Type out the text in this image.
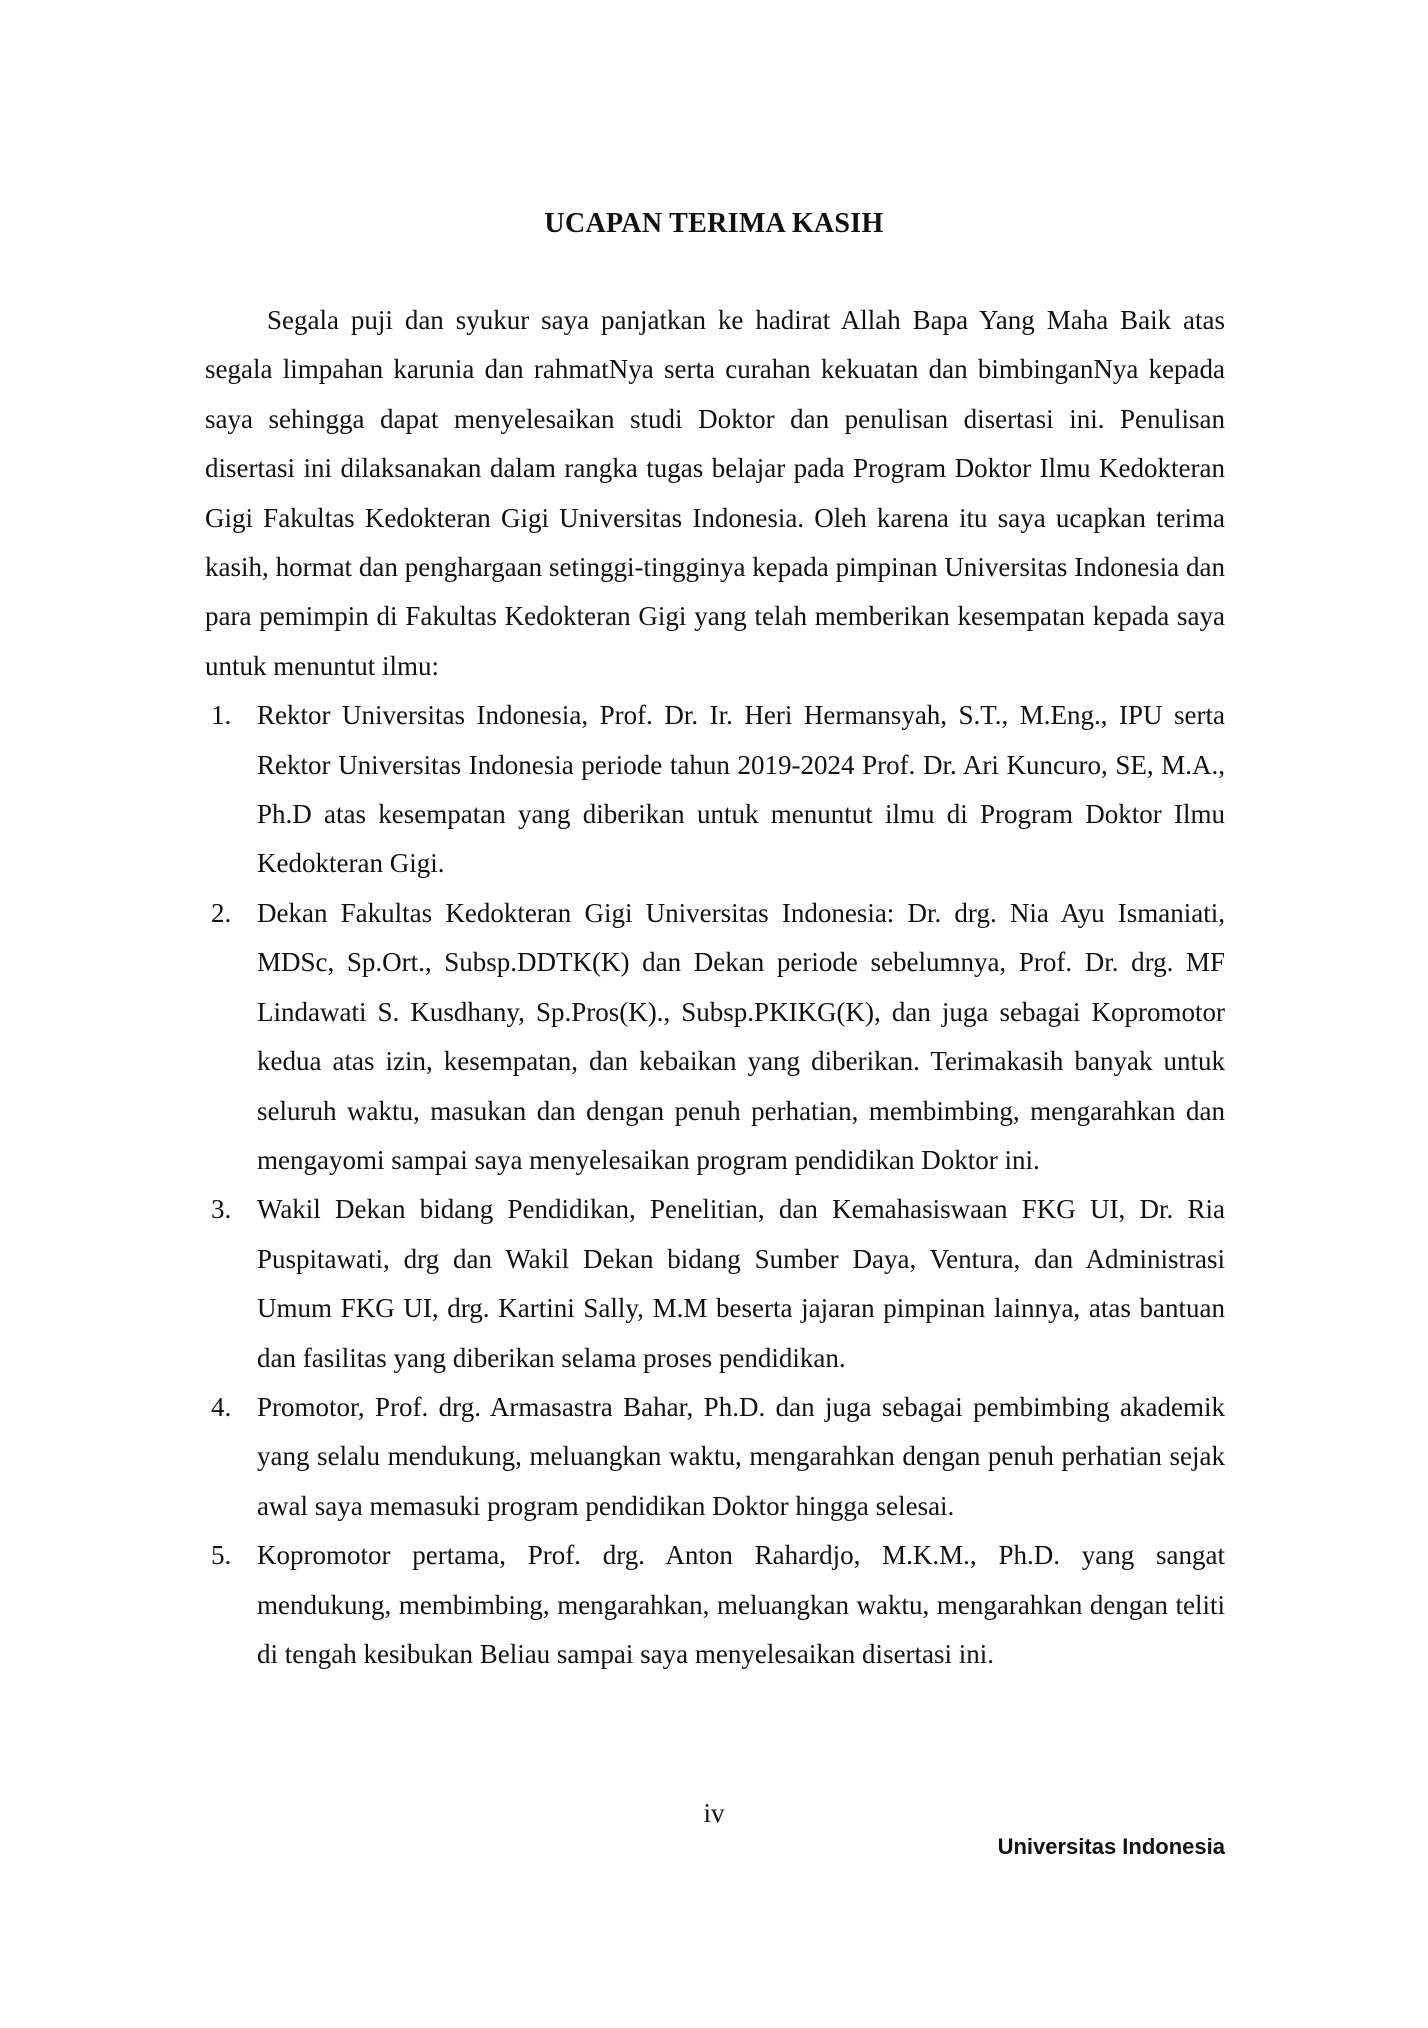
UCAPAN TERIMA KASIH

Segala puji dan syukur saya panjatkan ke hadirat Allah Bapa Yang Maha Baik atas segala limpahan karunia dan rahmatNya serta curahan kekuatan dan bimbinganNya kepada saya sehingga dapat menyelesaikan studi Doktor dan penulisan disertasi ini. Penulisan disertasi ini dilaksanakan dalam rangka tugas belajar pada Program Doktor Ilmu Kedokteran Gigi Fakultas Kedokteran Gigi Universitas Indonesia. Oleh karena itu saya ucapkan terima kasih, hormat dan penghargaan setinggi-tingginya kepada pimpinan Universitas Indonesia dan para pemimpin di Fakultas Kedokteran Gigi yang telah memberikan kesempatan kepada saya untuk menuntut ilmu:

1. Rektor Universitas Indonesia, Prof. Dr. Ir. Heri Hermansyah, S.T., M.Eng., IPU serta Rektor Universitas Indonesia periode tahun 2019-2024 Prof. Dr. Ari Kuncuro, SE, M.A., Ph.D atas kesempatan yang diberikan untuk menuntut ilmu di Program Doktor Ilmu Kedokteran Gigi.
2. Dekan Fakultas Kedokteran Gigi Universitas Indonesia: Dr. drg. Nia Ayu Ismaniati, MDSc, Sp.Ort., Subsp.DDTK(K) dan Dekan periode sebelumnya, Prof. Dr. drg. MF Lindawati S. Kusdhany, Sp.Pros(K)., Subsp.PKIKG(K), dan juga sebagai Kopromotor kedua atas izin, kesempatan, dan kebaikan yang diberikan. Terimakasih banyak untuk seluruh waktu, masukan dan dengan penuh perhatian, membimbing, mengarahkan dan mengayomi sampai saya menyelesaikan program pendidikan Doktor ini.
3. Wakil Dekan bidang Pendidikan, Penelitian, dan Kemahasiswaan FKG UI, Dr. Ria Puspitawati, drg dan Wakil Dekan bidang Sumber Daya, Ventura, dan Administrasi Umum FKG UI, drg. Kartini Sally, M.M beserta jajaran pimpinan lainnya, atas bantuan dan fasilitas yang diberikan selama proses pendidikan.
4. Promotor, Prof. drg. Armasastra Bahar, Ph.D. dan juga sebagai pembimbing akademik yang selalu mendukung, meluangkan waktu, mengarahkan dengan penuh perhatian sejak awal saya memasuki program pendidikan Doktor hingga selesai.
5. Kopromotor pertama, Prof. drg. Anton Rahardjo, M.K.M., Ph.D. yang sangat mendukung, membimbing, mengarahkan, meluangkan waktu, mengarahkan dengan teliti di tengah kesibukan Beliau sampai saya menyelesaikan disertasi ini.
iv
Universitas Indonesia
